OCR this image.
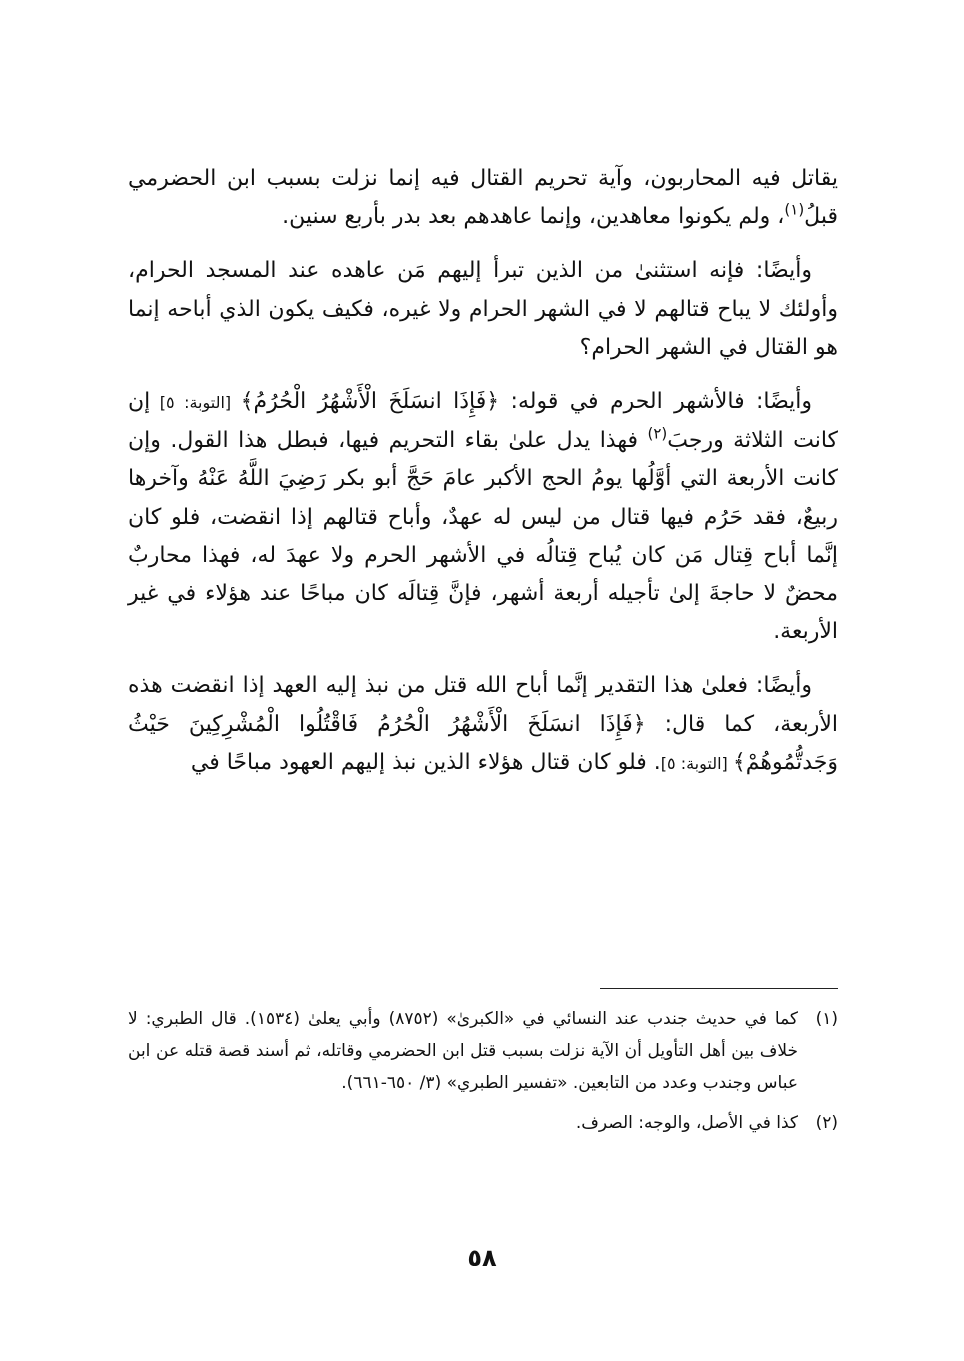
يقاتل فيه المحاربون، وآية تحريم القتال فيه إنما نزلت بسبب ابن الحضرمي قبلُ$^{(١)}$، ولم يكونوا معاهدين، وإنما عاهدهم بعد بدر بأربع سنين.

وأيضًا: فإنه استثنىٰ من الذين تبرأ إليهم مَن عاهده عند المسجد الحرام، وأولئك لا يباح قتالهم لا في الشهر الحرام ولا غيره، فكيف يكون الذي أباحه إنما هو القتال في الشهر الحرام؟

وأيضًا: فالأشهر الحرم في قوله: ﴿فَإِذَا انسَلَخَ الْأَشْهُرُ الْحُرُمُ﴾ [التوبة: ٥] إن كانت الثلاثة ورجبَ$^{(٢)}$ فهذا يدل علىٰ بقاء التحريم فيها، فبطل هذا القول. وإن كانت الأربعة التي أوَّلُها يومُ الحج الأكبر عامَ حَجَّ أبو بكر رَضِيَ اللَّهُ عَنْهُ وآخرها ربيعٌ، فقد حَرُم فيها قتال من ليس له عهدٌ، وأباح قتالهم إذا انقضت، فلو كان إنَّما أباح قِتال مَن كان يُباح قِتالُه في الأشهر الحرم ولا عهدَ له، فهذا محاربٌ محضٌ لا حاجةَ إلىٰ تأجيله أربعة أشهر، فإنَّ قِتالَه كان مباحًا عند هؤلاء في غير الأربعة.

وأيضًا: فعلىٰ هذا التقدير إنَّما أباح الله قتل من نبذ إليه العهد إذا انقضت هذه الأربعة، كما قال: ﴿فَإِذَا انسَلَخَ الْأَشْهُرُ الْحُرُمُ فَاقْتُلُوا الْمُشْرِكِينَ حَيْثُ وَجَدتُّمُوهُمْ﴾ [التوبة: ٥]. فلو كان قتال هؤلاء الذين نبذ إليهم العهود مباحًا في

(١)
كما في حديث جندب عند النسائي في «الكبرىٰ» (٨٧٥٢) وأبي يعلىٰ (١٥٣٤). قال الطبري: لا خلاف بين أهل التأويل أن الآية نزلت بسبب قتل ابن الحضرمي وقاتله، ثم أسند قصة قتله عن ابن عباس وجندب وعدد من التابعين. «تفسير الطبري» (٣/ ٦٥٠-٦٦١).
(٢)
كذا في الأصل، والوجه: الصرف.
٥٨
